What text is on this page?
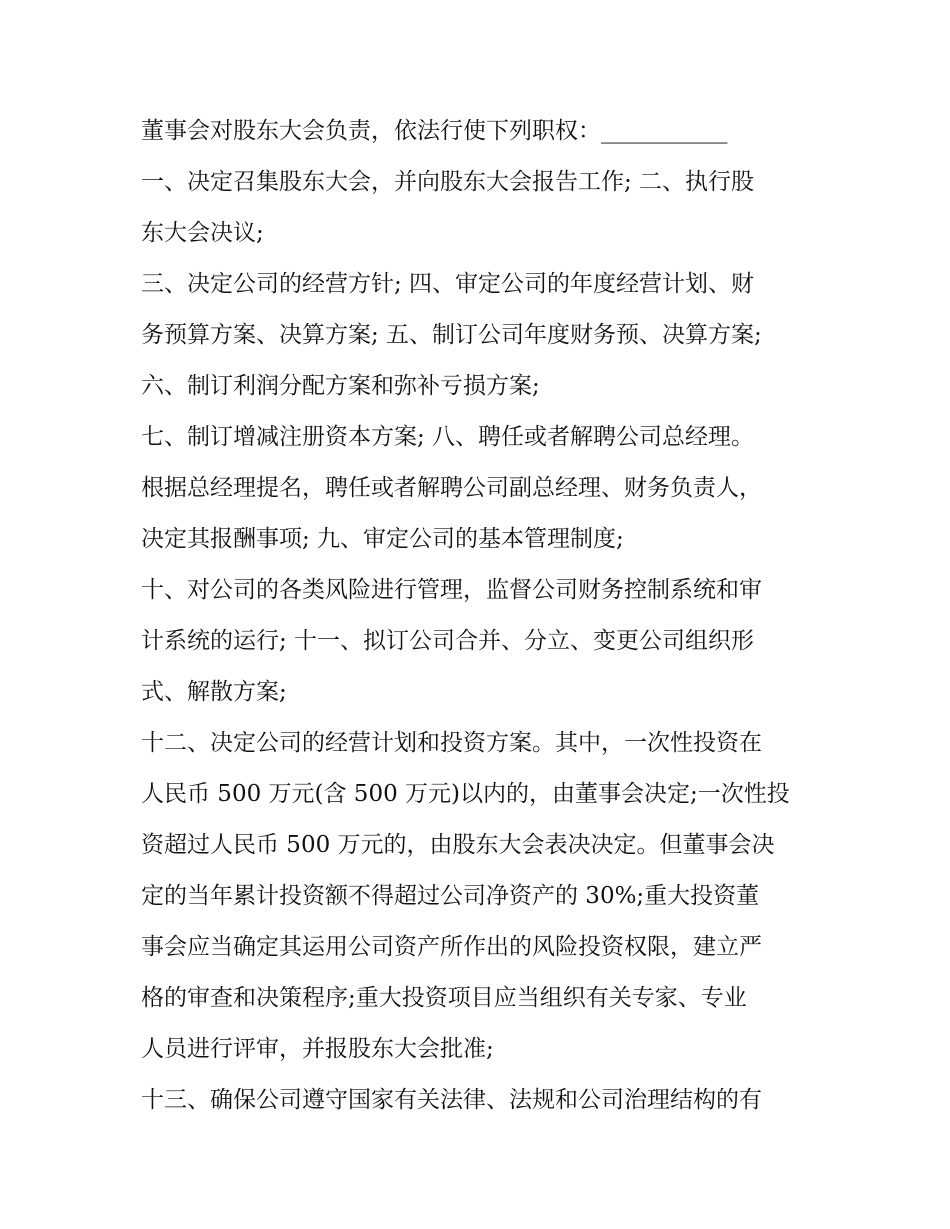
董事会对股东大会负责，依法行使下列职权：___________

一、决定召集股东大会，并向股东大会报告工作; 二、执行股

东大会决议;

三、决定公司的经营方针; 四、审定公司的年度经营计划、财

务预算方案、决算方案; 五、制订公司年度财务预、决算方案;

六、制订利润分配方案和弥补亏损方案;

七、制订增减注册资本方案; 八、聘任或者解聘公司总经理。

根据总经理提名，聘任或者解聘公司副总经理、财务负责人，

决定其报酬事项; 九、审定公司的基本管理制度;

十、对公司的各类风险进行管理，监督公司财务控制系统和审

计系统的运行; 十一、拟订公司合并、分立、变更公司组织形

式、解散方案;

十二、决定公司的经营计划和投资方案。其中，一次性投资在

人民币 500 万元(含 500 万元)以内的，由董事会决定;一次性投

资超过人民币 500 万元的，由股东大会表决决定。但董事会决

定的当年累计投资额不得超过公司净资产的 30%;重大投资董

事会应当确定其运用公司资产所作出的风险投资权限，建立严

格的审查和决策程序;重大投资项目应当组织有关专家、专业

人员进行评审，并报股东大会批准;

十三、确保公司遵守国家有关法律、法规和公司治理结构的有
